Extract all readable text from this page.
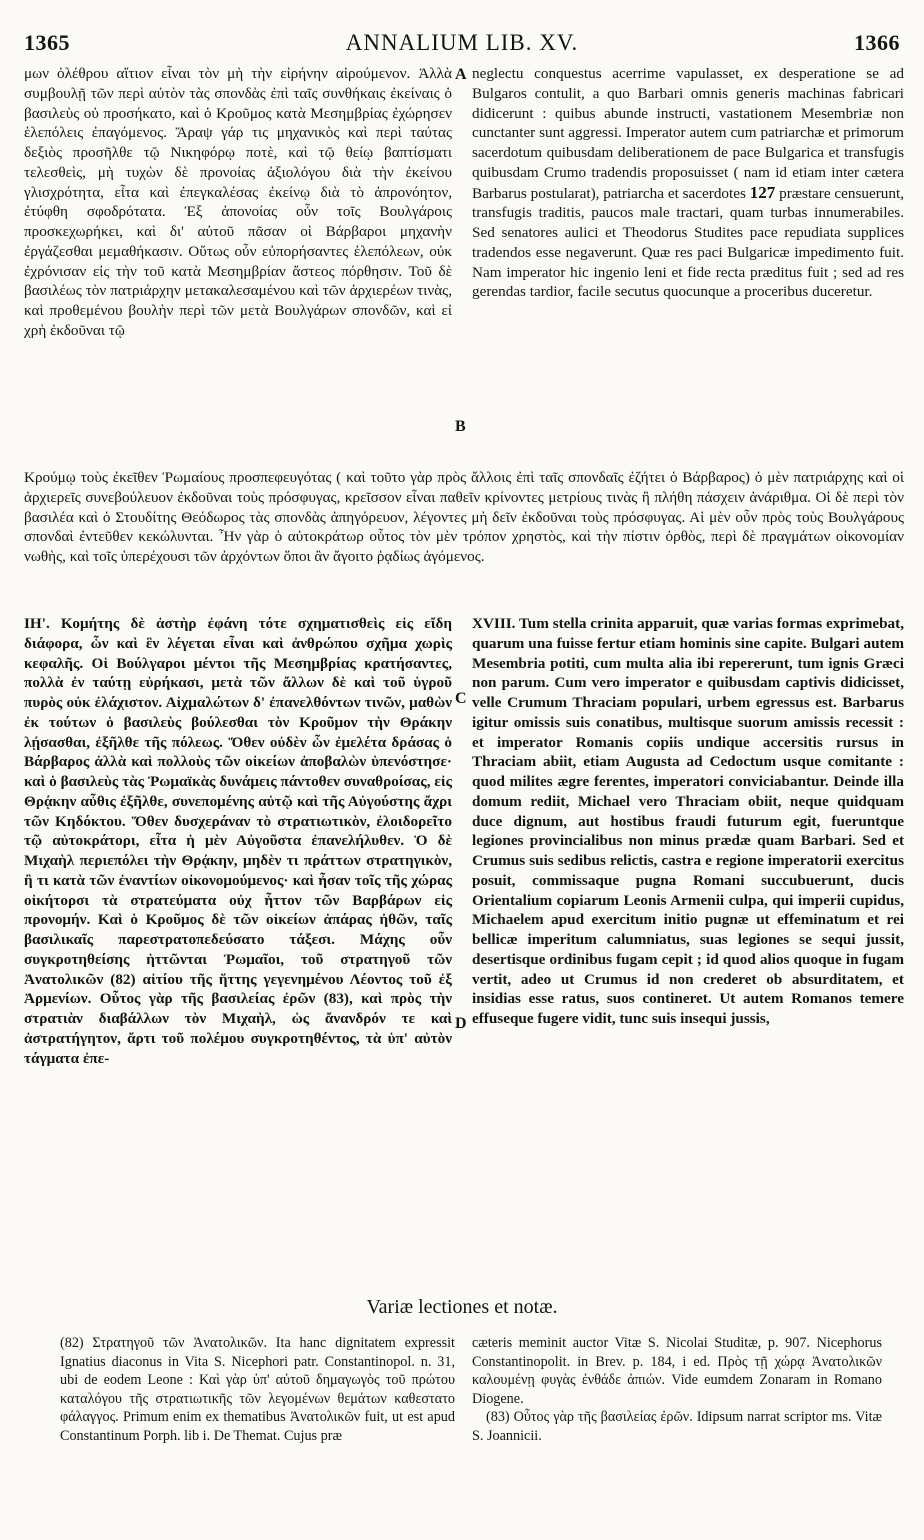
ANNALIUM LIB. XV.
1365	1366

μων ὀλέθρου αἴτιον εἶναι τὸν μὴ τὴν εἰρήνην αἱρούμενον. Ἀλλὰ συμβουλῇ τῶν περὶ αὐτὸν τὰς σπονδὰς ἐπὶ ταῖς συνθήκαις ἐκείναις ὁ βασιλεὺς οὐ προσήκατο, καὶ ὁ Κροῦμος κατὰ Μεσημβρίας ἐχώρησεν ἑλεπόλεις ἐπαγόμενος. Ἄραψ γάρ τις μηχανικὸς καὶ περὶ ταύτας δεξιὸς προσῆλθε τῷ Νικηφόρῳ ποτὲ, καὶ τῷ θείῳ βαπτίσματι τελεσθεὶς, μὴ τυχὼν δὲ προνοίας ἀξιολόγου διὰ τὴν ἐκείνου γλισχρότητα, εἶτα καὶ ἐπεγκαλέσας ἐκείνῳ διὰ τὸ ἀπρονόητον, ἐτύφθη σφοδρότατα. Ἐξ ἀπονοίας οὖν τοῖς Βουλγάροις προσκεχωρήκει, καὶ δι' αὐτοῦ πᾶσαν οἱ Βάρβαροι μηχανὴν ἐργάζεσθαι μεμαθήκασιν. Οὕτως οὖν εὐπορήσαντες ἑλεπόλεων, οὐκ ἐχρόνισαν εἰς τὴν τοῦ κατὰ Μεσημβρίαν ἄστεος πόρθησιν. Τοῦ δὲ βασιλέως τὸν πατριάρχην μετακαλεσαμένου καὶ τῶν ἀρχιερέων τινὰς, καὶ προθεμένου βουλὴν περὶ τῶν μετὰ Βουλγάρων σπονδῶν, καὶ εἰ χρὴ ἐκδοῦναι τῷ

A
B
C
D

neglectu conquestus acerrime vapulasset, ex desperatione se ad Bulgaros contulit, a quo Barbari omnis generis machinas fabricari didicerunt : quibus abunde instructi, vastationem Mesembriæ non cunctanter sunt aggressi. Imperator autem cum patriarchæ et primorum sacerdotum quibusdam deliberationem de pace Bulgarica et transfugis quibusdam Crumo tradendis proposuisset ( nam id etiam inter cætera Barbarus postularat), patriarcha et sacerdotes 127 præstare censuerunt, transfugis traditis, paucos male tractari, quam turbas innumerabiles. Sed senatores aulici et Theodorus Studites pace repudiata supplices tradendos esse negaverunt. Quæ res paci Bulgaricæ impedimento fuit. Nam imperator hic ingenio leni et fide recta præditus fuit ; sed ad res gerendas tardior, facile secutus quocunque a proceribus duceretur.

Κρούμῳ τοὺς ἐκεῖθεν Ῥωμαίους προσπεφευγότας ( καὶ τοῦτο γὰρ πρὸς ἄλλοις ἐπὶ ταῖς σπονδαῖς ἐζήτει ὁ Βάρβαρος) ὁ μὲν πατριάρχης καὶ οἱ ἀρχιερεῖς συνεβούλευον ἐκδοῦναι τοὺς πρόσφυγας, κρεῖσσον εἶναι παθεῖν κρίνοντες μετρίους τινὰς ἢ πλήθη πάσχειν ἀνάριθμα. Οἱ δὲ περὶ τὸν βασιλέα καὶ ὁ Στουδίτης Θεόδωρος τὰς σπονδὰς ἀπηγόρευον, λέγοντες μὴ δεῖν ἐκδοῦναι τοὺς πρόσφυγας. Αἱ μὲν οὖν πρὸς τοὺς Βουλγάρους σπονδαὶ ἐντεῦθεν κεκώλυνται. Ἦν γὰρ ὁ αὐτοκράτωρ οὗτος τὸν μὲν τρόπον χρηστὸς, καὶ τὴν πίστιν ὀρθὸς, περὶ δὲ πραγμάτων οἰκονομίαν νωθὴς, καὶ τοῖς ὑπερέχουσι τῶν ἀρχόντων ὅποι ἂν ἄγοιτο ῥᾳδίως ἀγόμενος.

ΙΗ'. Κομήτης δὲ ἀστὴρ ἐφάνη τότε σχηματισθεὶς εἰς εἴδη διάφορα, ὧν καὶ ἓν λέγεται εἶναι καὶ ἀνθρώπου σχῆμα χωρὶς κεφαλῆς. Οἱ Βούλγαροι μέντοι τῆς Μεσημβρίας κρατήσαντες, πολλὰ ἐν ταύτῃ εὑρήκασι, μετὰ τῶν ἄλλων δὲ καὶ τοῦ ὑγροῦ πυρὸς οὐκ ἐλάχιστον. Αἰχμαλώτων δ' ἐπανελθόντων τινῶν, μαθὼν ἐκ τούτων ὁ βασιλεὺς βούλεσθαι τὸν Κροῦμον τὴν Θράκην λῄσασθαι, ἐξῆλθε τῆς πόλεως. Ὅθεν οὐδὲν ὧν ἐμελέτα δράσας ὁ Βάρβαρος ἀλλὰ καὶ πολλοὺς τῶν οἰκείων ἀποβαλὼν ὑπενόστησε· καὶ ὁ βασιλεὺς τὰς Ῥωμαϊκὰς δυνάμεις πάντοθεν συναθροίσας, εἰς Θρᾴκην αὖθις ἐξῆλθε, συνεπομένης αὐτῷ καὶ τῆς Αὐγούστης ἄχρι τῶν Κηδόκτου. Ὅθεν δυσχεράναν τὸ στρατιωτικὸν, ἐλοιδορεῖτο τῷ αὐτοκράτορι, εἶτα ἡ μὲν Αὐγοῦστα ἐπανελήλυθεν. Ὁ δὲ Μιχαὴλ περιεπόλει τὴν Θρᾴκην, μηδὲν τι πράττων στρατηγικὸν, ἢ τι κατὰ τῶν ἐναντίων οἰκονομούμενος· καὶ ἦσαν τοῖς τῆς χώρας οἰκήτορσι τὰ στρατεύματα οὐχ ἧττον τῶν Βαρβάρων εἰς προνομήν. Καὶ ὁ Κροῦμος δὲ τῶν οἰκείων ἀπάρας ἠθῶν, ταῖς βασιλικαῖς παρεστρατοπεδεύσατο τάξεσι. Μάχης οὖν συγκροτηθείσης ἡττῶνται Ῥωμαῖοι, τοῦ στρατηγοῦ τῶν Ἀνατολικῶν (82) αἰτίου τῆς ἥττης γεγενημένου Λέοντος τοῦ ἐξ Ἀρμενίων. Οὗτος γὰρ τῆς βασιλείας ἐρῶν (83), καὶ πρὸς τὴν στρατιὰν διαβάλλων τὸν Μιχαὴλ, ὡς ἄνανδρόν τε καὶ ἀστρατήγητον, ἄρτι τοῦ πολέμου συγκροτηθέντος, τὰ ὑπ' αὐτὸν τάγματα ἐπε-

XVIII. Tum stella crinita apparuit, quæ varias formas exprimebat, quarum una fuisse fertur etiam hominis sine capite. Bulgari autem Mesembria potiti, cum multa alia ibi repererunt, tum ignis Græci non parum. Cum vero imperator e quibusdam captivis didicisset, velle Crumum Thraciam populari, urbem egressus est. Barbarus igitur omissis suis conatibus, multisque suorum amissis recessit : et imperator Romanis copiis undique accersitis rursus in Thraciam abiit, etiam Augusta ad Cedoctum usque comitante : quod milites ægre ferentes, imperatori conviciabantur. Deinde illa domum rediit, Michael vero Thraciam obiit, neque quidquam duce dignum, aut hostibus fraudi futurum egit, fueruntque legiones provincialibus non minus prædæ quam Barbari. Sed et Crumus suis sedibus relictis, castra e regione imperatorii exercitus posuit, commissaque pugna Romani succubuerunt, ducis Orientalium copiarum Leonis Armenii culpa, qui imperii cupidus, Michaelem apud exercitum initio pugnæ ut effeminatum et rei bellicæ imperitum calumniatus, suas legiones se sequi jussit, desertisque ordinibus fugam cepit ; id quod alios quoque in fugam vertit, adeo ut Crumus id non crederet ob absurditatem, et insidias esse ratus, suos contineret. Ut autem Romanos temere effuseque fugere vidit, tunc suis insequi jussis,

Variæ lectiones et notæ.

(82) Στρατηγοῦ τῶν Ἀνατολικῶν. Ita hanc dignitatem expressit Ignatius diaconus in Vita S. Nicephori patr. Constantinopol. n. 31, ubi de eodem Leone : Καὶ γὰρ ὑπ' αὐτοῦ δημαγωγὸς τοῦ πρώτου καταλόγου τῆς στρατιωτικῆς τῶν λεγομένων θεμάτων καθεστατο φάλαγγος. Primum enim ex thematibus Ἀνατολικῶν fuit, ut est apud Constantinum Porph. lib i. De Themat. Cujus præ

cæteris meminit auctor Vitæ S. Nicolai Studitæ, p. 907. Nicephorus Constantinopolit. in Brev. p. 184, i ed. Πρὸς τῇ χώρᾳ Ἀνατολικῶν καλουμένῃ φυγὰς ἐνθάδε ἀπιών. Vide eumdem Zonaram in Romano Diogene.

(83) Οὗτος γὰρ τῆς βασιλείας ἐρῶν. Idipsum narrat scriptor ms. Vitæ S. Joannicii.
